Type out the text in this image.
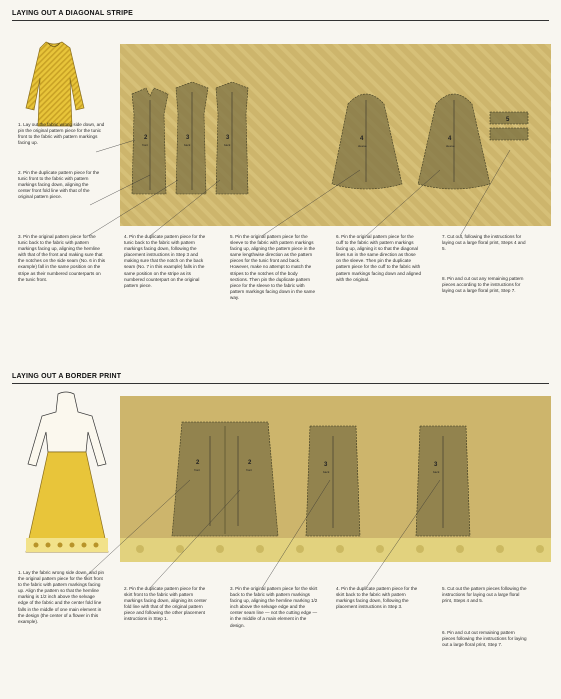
LAYING OUT A DIAGONAL STRIPE
2
front
3
back
3
back
4
sleeve
4
sleeve
5
1. Lay out the fabric wrong side down, and pin the original pattern piece for the tunic front to the fabric with pattern markings facing up.
2. Pin the duplicate pattern piece for the tunic front to the fabric with pattern markings facing down, aligning the center front fold line with that of the original pattern piece.
3. Pin the original pattern piece for the tunic back to the fabric with pattern markings facing up, aligning the hemline with that of the front and making sure that the notches on the side seam (No. 6 in this example) fall in the same position on the stripe as their numbered counterparts on the tunic front.
4. Pin the duplicate pattern piece for the tunic back to the fabric with pattern markings facing down, following the placement instructions in Step 3 and making sure that the notch on the back seam (No. 7 in this example) falls in the same position on the stripe as its numbered counterpart on the original pattern piece.
5. Pin the original pattern piece for the sleeve to the fabric with pattern markings facing up, aligning the pattern piece in the same lengthwise direction as the pattern pieces for the tunic front and back. However, make no attempt to match the stripes to the notches of the body sections. Then pin the duplicate pattern piece for the sleeve to the fabric with pattern markings facing down in the same way.
6. Pin the original pattern piece for the cuff to the fabric with pattern markings facing up, aligning it so that the diagonal lines run in the same direction as those on the sleeve. Then pin the duplicate pattern piece for the cuff to the fabric with pattern markings facing down and aligned with the original.
7. Cut out, following the instructions for laying out a large floral print, Steps 4 and 5.
8. Pin and cut out any remaining pattern pieces according to the instructions for laying out a large floral print, Step 7.
LAYING OUT A BORDER PRINT
2
front
2
front
3
back
3
back
1. Lay the fabric wrong side down, and pin the original pattern piece for the skirt front to the fabric with pattern markings facing up. Align the pattern so that the hemline marking is 1/2 inch above the selvage edge of the fabric and the center fold line falls in the middle of one main element in the design (the center of a flower in this example).
2. Pin the duplicate pattern piece for the skirt front to the fabric with pattern markings facing down, aligning its center fold line with that of the original pattern piece and following the other placement instructions in Step 1.
3. Pin the original pattern piece for the skirt back to the fabric with pattern markings facing up, aligning the hemline marking 1/2 inch above the selvage edge and the center seam line — not the cutting edge — in the middle of a main element in the design.
4. Pin the duplicate pattern piece for the skirt back to the fabric with pattern markings facing down, following the placement instructions in Step 3.
5. Cut out the pattern pieces following the instructions for laying out a large floral print, Steps 4 and 5.
6. Pin and cut out remaining pattern pieces following the instructions for laying out a large floral print, Step 7.
